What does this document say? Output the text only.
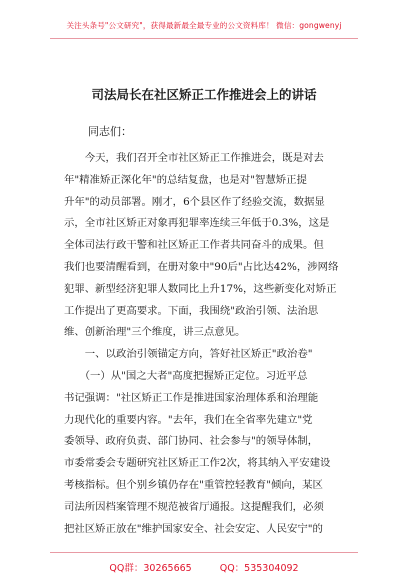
关注头条号"公文研究"，获得最新最全最专业的公文资料库！ 微信：gongwenyj
司法局长在社区矫正工作推进会上的讲话
同志们：
　　今天，我们召开全市社区矫正工作推进会，既是对去
年"精准矫正深化年"的总结复盘，也是对"智慧矫正提
升年"的动员部署。刚才，6个县区作了经验交流，数据显
示，全市社区矫正对象再犯罪率连续三年低于0.3%，这是
全体司法行政干警和社区矫正工作者共同奋斗的成果。但
我们也要清醒看到，在册对象中"90后"占比达42%，涉网络
犯罪、新型经济犯罪人数同比上升17%，这些新变化对矫正
工作提出了更高要求。下面，我围绕"政治引领、法治思
维、创新治理"三个维度，讲三点意见。
　　一、以政治引领锚定方向，答好社区矫正"政治卷"
　　（一）从"国之大者"高度把握矫正定位。习近平总
书记强调："社区矫正工作是推进国家治理体系和治理能
力现代化的重要内容。"去年，我们在全省率先建立"党
委领导、政府负责、部门协同、社会参与"的领导体制，
市委常委会专题研究社区矫正工作2次，将其纳入平安建设
考核指标。但个别乡镇仍存在"重管控轻教育"倾向，某区
司法所因档案管理不规范被省厅通报。这提醒我们，必须
把社区矫正放在"维护国家安全、社会安定、人民安宁"的
QQ群：30265665	QQ：535304092
